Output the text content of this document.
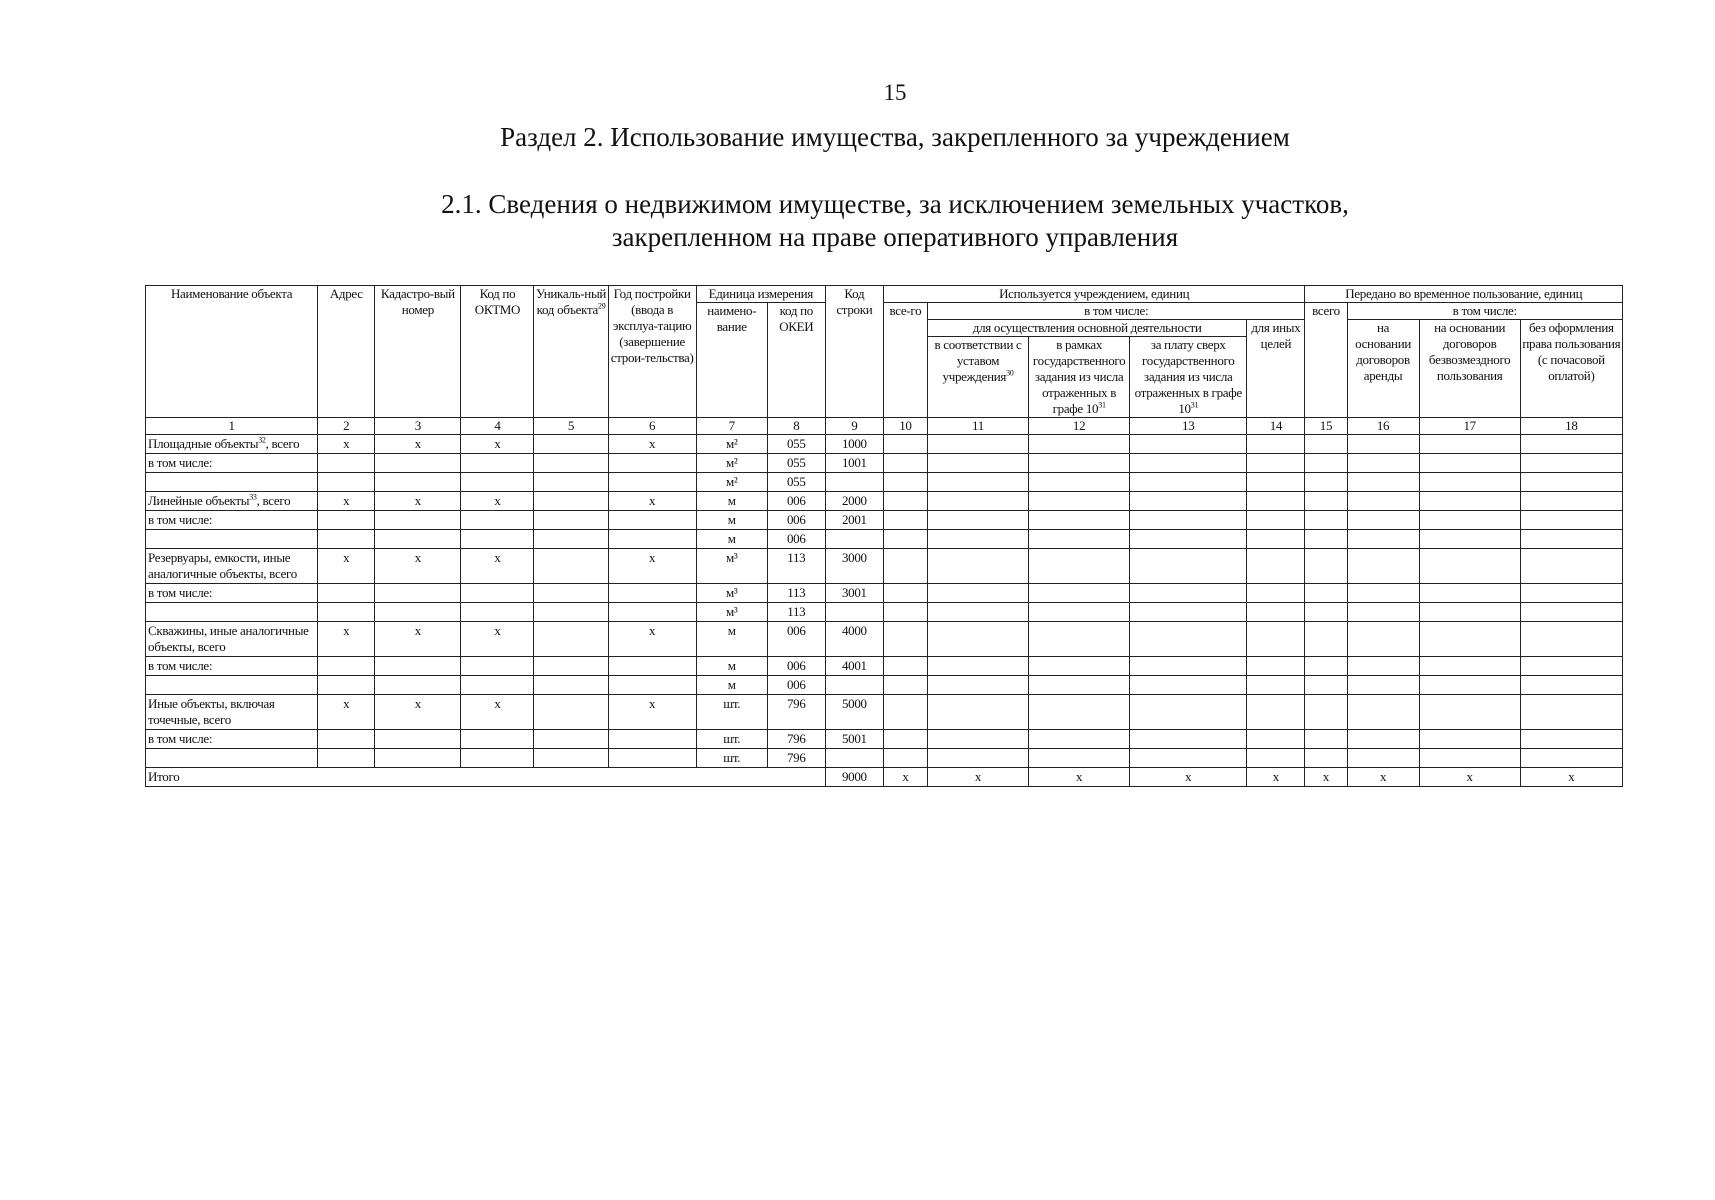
15
Раздел 2. Использование имущества, закрепленного за учреждением
2.1. Сведения о недвижимом имуществе, за исключением земельных участков,
закрепленном на праве оперативного управления
Наименование объекта	Адрес	Кадастро-вый номер	Код по ОКТМО	Уникаль-ный код объекта$^{29}$	Год постройки (ввода в эксплуа-тацию (завершение строи-тельства)	Единица измерения		Код строки	Используется учреждением, единиц					Передано во временное пользование, единиц			
						наимено-вание	код по ОКЕИ		все-го	в том числе:				всего	в том числе:		
										для осуществления основной деятельности			для иных целей		на основании договоров аренды	на основании договоров безвозмездного пользования	без оформления права пользования (с почасовой оплатой)
										в соответствии с уставом учреждения$^{30}$	в рамках государственного задания из числа отраженных в графе $10^{31}$	за плату сверх государственного задания из числа отраженных в графе $10^{31}$

1	2	3	4	5	6	7	8	9	10	11	12	13	14	15	16	17	18
Площадные объекты$^{32}$, всего	x	x	x		x	м²	055	1000									
в том числе:						м²	055	1001									
						м²	055										
Линейные объекты$^{33}$, всего	x	x	x		x	м	006	2000									
в том числе:						м	006	2001									
						м	006										
Резервуары, емкости, иные аналогичные объекты, всего	x	x	x		x	м³	113	3000									
в том числе:						м³	113	3001									
						м³	113										
Скважины, иные аналогичные объекты, всего	x	x	x		x	м	006	4000									
в том числе:						м	006	4001									
						м	006										
Иные объекты, включая точечные, всего	x	x	x		x	шт.	796	5000									
в том числе:						шт.	796	5001									
						шт.	796										
Итого								9000	x	x	x	x	x	x	x	x	x
